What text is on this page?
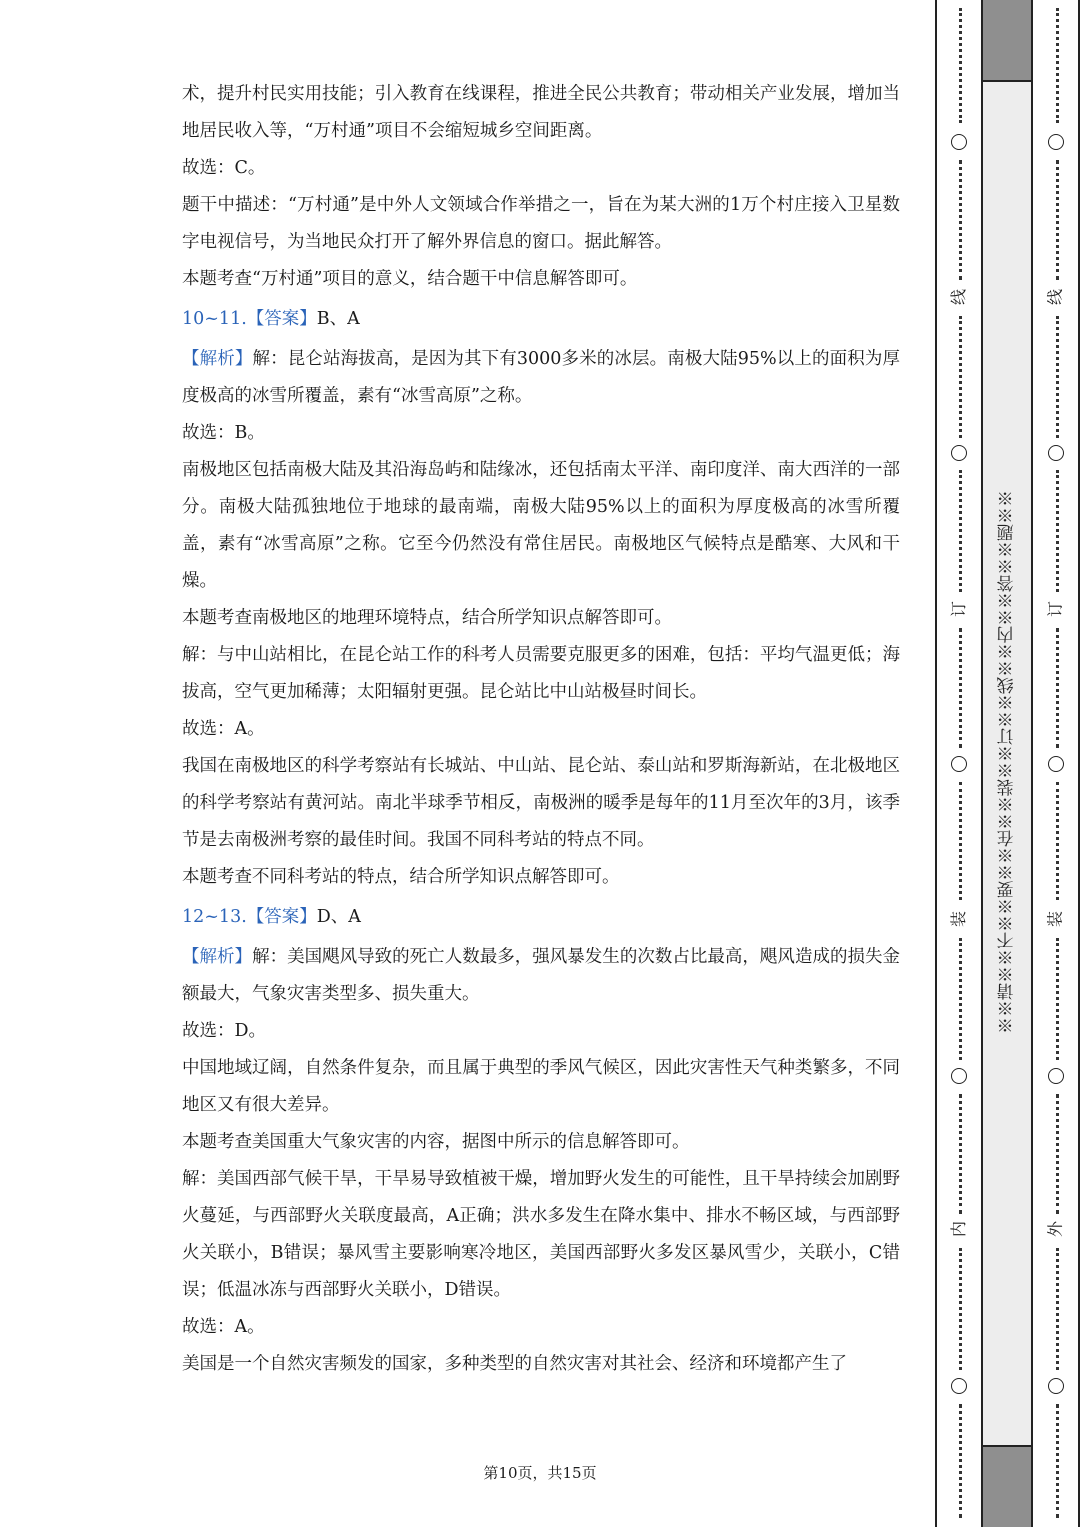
术，提升村民实用技能；引入教育在线课程，推进全民公共教育；带动相关产业发展，增加当地居民收入等，“万村通”项目不会缩短城乡空间距离。

故选：C。

题干中描述：“万村通”是中外人文领域合作举措之一，旨在为某大洲的1万个村庄接入卫星数字电视信号，为当地民众打开了解外界信息的窗口。据此解答。

本题考查“万村通”项目的意义，结合题干中信息解答即可。

10~11.【答案】B、A

【解析】解：昆仑站海拔高，是因为其下有3000多米的冰层。南极大陆95%以上的面积为厚度极高的冰雪所覆盖，素有“冰雪高原”之称。

故选：B。

南极地区包括南极大陆及其沿海岛屿和陆缘冰，还包括南太平洋、南印度洋、南大西洋的一部分。南极大陆孤独地位于地球的最南端，南极大陆95%以上的面积为厚度极高的冰雪所覆盖，素有“冰雪高原”之称。它至今仍然没有常住居民。南极地区气候特点是酷寒、大风和干燥。

本题考查南极地区的地理环境特点，结合所学知识点解答即可。

解：与中山站相比，在昆仑站工作的科考人员需要克服更多的困难，包括：平均气温更低；海拔高，空气更加稀薄；太阳辐射更强。昆仑站比中山站极昼时间长。

故选：A。

我国在南极地区的科学考察站有长城站、中山站、昆仑站、泰山站和罗斯海新站，在北极地区的科学考察站有黄河站。南北半球季节相反，南极洲的暖季是每年的11月至次年的3月，该季节是去南极洲考察的最佳时间。我国不同科考站的特点不同。

本题考查不同科考站的特点，结合所学知识点解答即可。

12~13.【答案】D、A

【解析】解：美国飓风导致的死亡人数最多，强风暴发生的次数占比最高，飓风造成的损失金额最大，气象灾害类型多、损失重大。

故选：D。

中国地域辽阔，自然条件复杂，而且属于典型的季风气候区，因此灾害性天气种类繁多，不同地区又有很大差异。

本题考查美国重大气象灾害的内容，据图中所示的信息解答即可。

解：美国西部气候干旱，干旱易导致植被干燥，增加野火发生的可能性，且干旱持续会加剧野火蔓延，与西部野火关联度最高，A正确；洪水多发生在降水集中、排水不畅区域，与西部野火关联小，B错误；暴风雪主要影响寒冷地区，美国西部野火多发区暴风雪少，关联小，C错误；低温冰冻与西部野火关联小，D错误。

故选：A。

美国是一个自然灾害频发的国家，多种类型的自然灾害对其社会、经济和环境都产生了

第10页，共15页
线
订
装
内
※※请※※不※※要※※在※※装※※订※※线※※内※※答※※题※※
线
订
装
外
